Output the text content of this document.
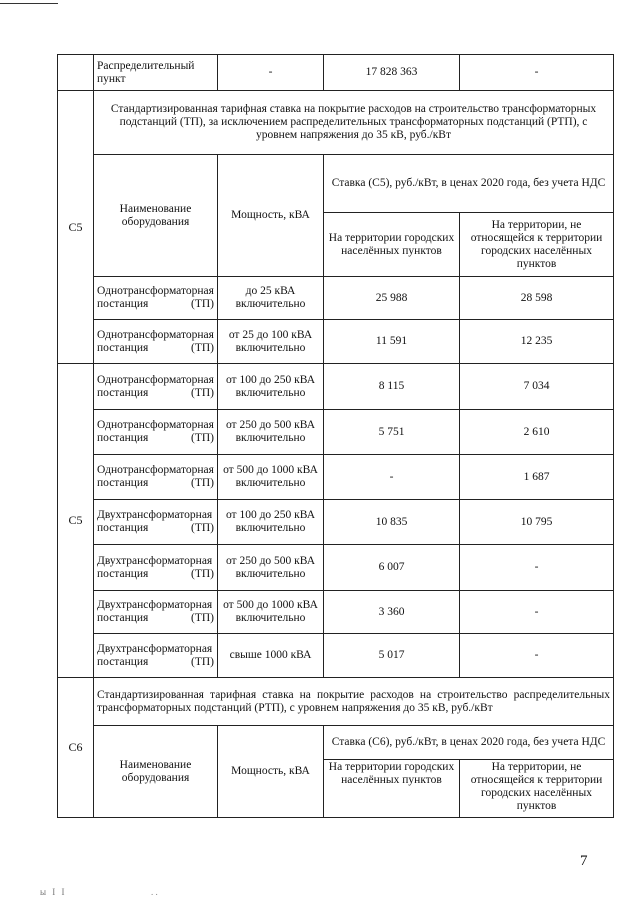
	Распределительный пункт	-	17 828 363	-
С5	Стандартизированная тарифная ставка на покрытие расходов на строительство трансформаторных подстанций (ТП), за исключением распределительных трансформаторных подстанций (РТП), с уровнем напряжения до 35 кВ, руб./кВт			
	Наименование оборудования	Мощность, кВА	Ставка (С5), руб./кВт, в ценах 2020 года, без учета НДС	
			На территории городских населённых пунктов	На территории, не относящейся к территории городских населённых пунктов
	Однотрансформаторная постанция (ТП)	до 25 кВА включительно	25 988	28 598
	Однотрансформаторная постанция (ТП)	от 25 до 100 кВА включительно	11 591	12 235
С5	Однотрансформаторная постанция (ТП)	от 100 до 250 кВА включительно	8 115	7 034
	Однотрансформаторная постанция (ТП)	от 250 до 500 кВА включительно	5 751	2 610
	Однотрансформаторная постанция (ТП)	от 500 до 1000 кВА включительно	-	1 687
	Двухтрансформаторная постанция (ТП)	от 100 до 250 кВА включительно	10 835	10 795
	Двухтрансформаторная постанция (ТП)	от 250 до 500 кВА включительно	6 007	-
	Двухтрансформаторная постанция (ТП)	от 500 до 1000 кВА включительно	3 360	-
	Двухтрансформаторная постанция (ТП)	свыше 1000 кВА	5 017	-
С6	Стандартизированная тарифная ставка на покрытие расходов на строительство распределительных трансформаторных подстанций (РТП), с уровнем напряжения до 35 кВ, руб./кВт			
	Наименование оборудования	Мощность, кВА	Ставка (С6), руб./кВт, в ценах 2020 года, без учета НДС	
			На территории городских населённых пунктов	На территории, не относящейся к территории городских населённых пунктов
7
ы I I	. .
